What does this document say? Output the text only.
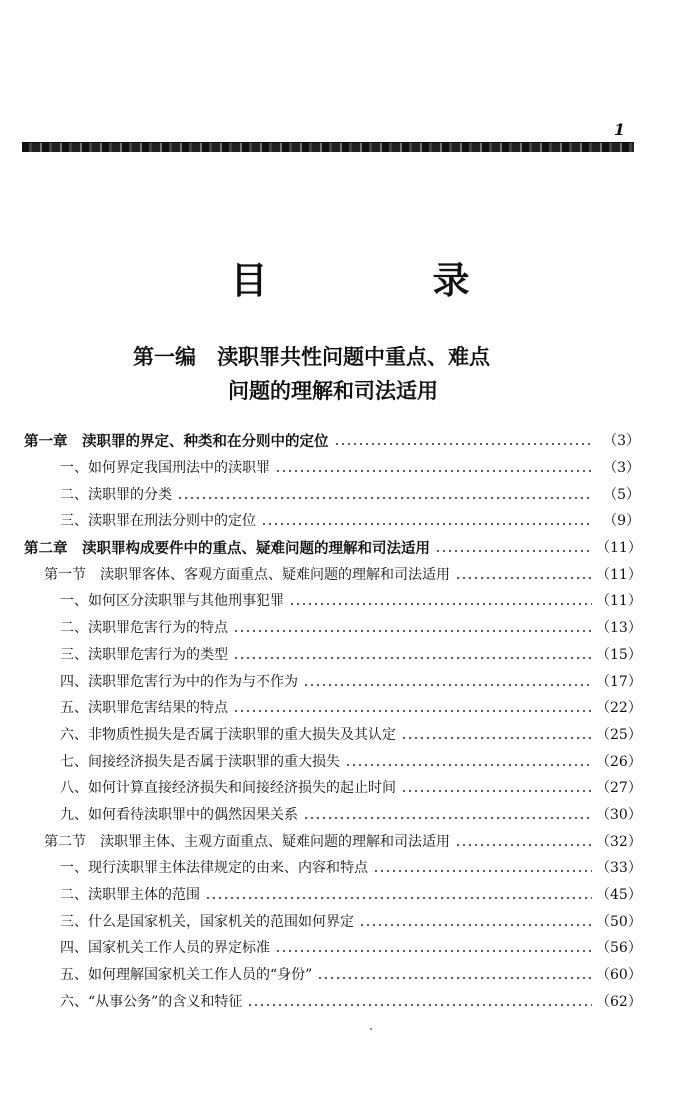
1
目　录
第一编　渎职罪共性问题中重点、难点
问题的理解和司法适用
第一章　渎职罪的界定、种类和在分则中的定位	（3）
一、如何界定我国刑法中的渎职罪	（3）
二、渎职罪的分类	（5）
三、渎职罪在刑法分则中的定位	（9）
第二章　渎职罪构成要件中的重点、疑难问题的理解和司法适用	（11）
第一节　渎职罪客体、客观方面重点、疑难问题的理解和司法适用	（11）
一、如何区分渎职罪与其他刑事犯罪	（11）
二、渎职罪危害行为的特点	（13）
三、渎职罪危害行为的类型	（15）
四、渎职罪危害行为中的作为与不作为	（17）
五、渎职罪危害结果的特点	（22）
六、非物质性损失是否属于渎职罪的重大损失及其认定	（25）
七、间接经济损失是否属于渎职罪的重大损失	（26）
八、如何计算直接经济损失和间接经济损失的起止时间	（27）
九、如何看待渎职罪中的偶然因果关系	（30）
第二节　渎职罪主体、主观方面重点、疑难问题的理解和司法适用	（32）
一、现行渎职罪主体法律规定的由来、内容和特点	（33）
二、渎职罪主体的范围	（45）
三、什么是国家机关，国家机关的范围如何界定	（50）
四、国家机关工作人员的界定标准	（56）
五、如何理解国家机关工作人员的“身份”	（60）
六、“从事公务”的含义和特征	（62）
